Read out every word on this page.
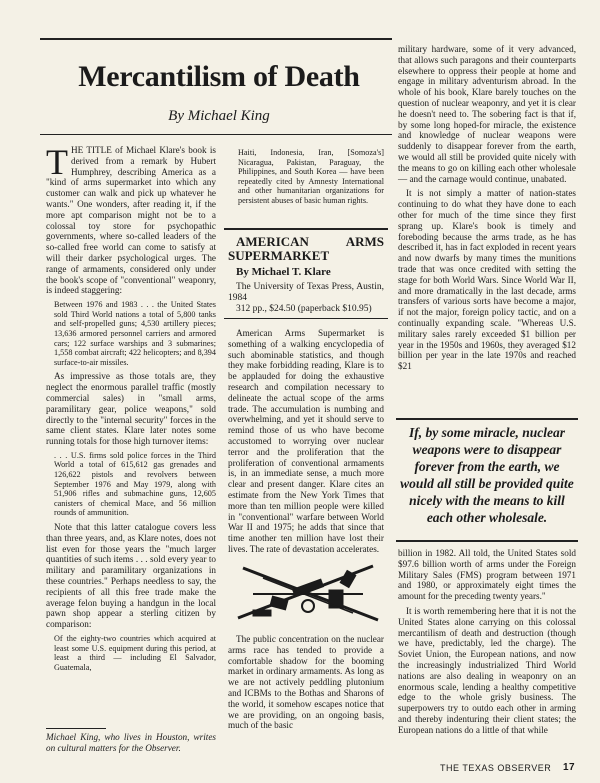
Mercantilism of Death
By Michael King

THE TITLE of Michael Klare's book is derived from a remark by Hubert Humphrey, describing America as a "kind of arms supermarket into which any customer can walk and pick up whatever he wants." One wonders, after reading it, if the more apt comparison might not be to a colossal toy store for psychopathic governments, where so-called leaders of the so-called free world can come to satisfy at will their darker psychological urges. The range of armaments, considered only under the book's scope of "conventional" weaponry, is indeed staggering:

Between 1976 and 1983 . . . the United States sold Third World nations a total of 5,800 tanks and self-propelled guns; 4,530 artillery pieces; 13,636 armored personnel carriers and armored cars; 122 surface warships and 3 submarines; 1,558 combat aircraft; 422 helicopters; and 8,394 surface-to-air missiles.

As impressive as those totals are, they neglect the enormous parallel traffic (mostly commercial sales) in "small arms, paramilitary gear, police weapons," sold directly to the "internal security" forces in the same client states. Klare later notes some running totals for those high turnover items:

. . . U.S. firms sold police forces in the Third World a total of 615,612 gas grenades and 126,622 pistols and revolvers between September 1976 and May 1979, along with 51,906 rifles and submachine guns, 12,605 canisters of chemical Mace, and 56 million rounds of ammunition.

Note that this latter catalogue covers less than three years, and, as Klare notes, does not list even for those years the "much larger quantities of such items . . . sold every year to military and paramilitary organizations in these countries." Perhaps needless to say, the recipients of all this free trade make the average felon buying a handgun in the local pawn shop appear a sterling citizen by comparison:

Of the eighty-two countries which acquired at least some U.S. equipment during this period, at least a third — including El Salvador, Guatemala,

Michael King, who lives in Houston, writes on cultural matters for the Observer.

Haiti, Indonesia, Iran, [Somoza's] Nicaragua, Pakistan, Paraguay, the Philippines, and South Korea — have been repeatedly cited by Amnesty International and other humanitarian organizations for persistent abuses of basic human rights.

AMERICAN ARMS SUPERMARKET

By Michael T. Klare

The University of Texas Press, Austin, 1984

312 pp., $24.50 (paperback $10.95)

American Arms Supermarket is something of a walking encyclopedia of such abominable statistics, and though they make forbidding reading, Klare is to be applauded for doing the exhaustive research and compilation necessary to delineate the actual scope of the arms trade. The accumulation is numbing and overwhelming, and yet it should serve to remind those of us who have become accustomed to worrying over nuclear terror and the proliferation that the proliferation of conventional armaments is, in an immediate sense, a much more clear and present danger. Klare cites an estimate from the New York Times that more than ten million people were killed in "conventional" warfare between World War II and 1975; he adds that since that time another ten million have lost their lives. The rate of devastation accelerates.

The public concentration on the nuclear arms race has tended to provide a comfortable shadow for the booming market in ordinary armaments. As long as we are not actively peddling plutonium and ICBMs to the Bothas and Sharons of the world, it somehow escapes notice that we are providing, on an ongoing basis, much of the basic

military hardware, some of it very advanced, that allows such paragons and their counterparts elsewhere to oppress their people at home and engage in military adventurism abroad. In the whole of his book, Klare barely touches on the question of nuclear weaponry, and yet it is clear he doesn't need to. The sobering fact is that if, by some long hoped-for miracle, the existence and knowledge of nuclear weapons were suddenly to disappear forever from the earth, we would all still be provided quite nicely with the means to go on killing each other wholesale — and the carnage would continue, unabated.

It is not simply a matter of nation-states continuing to do what they have done to each other for much of the time since they first sprang up. Klare's book is timely and foreboding because the arms trade, as he has described it, has in fact exploded in recent years and now dwarfs by many times the munitions trade that was once credited with setting the stage for both World Wars. Since World War II, and more dramatically in the last decade, arms transfers of various sorts have become a major, if not the major, foreign policy tactic, and on a continually expanding scale. "Whereas U.S. military sales rarely exceeded $1 billion per year in the 1950s and 1960s, they averaged $12 billion per year in the late 1970s and reached $21

If, by some miracle, nuclear weapons were to disappear forever from the earth, we would all still be provided quite nicely with the means to kill each other wholesale.

billion in 1982. All told, the United States sold $97.6 billion worth of arms under the Foreign Military Sales (FMS) program between 1971 and 1980, or approximately eight times the amount for the preceding twenty years."

It is worth remembering here that it is not the United States alone carrying on this colossal mercantilism of death and destruction (though we have, predictably, led the charge). The Soviet Union, the European nations, and now the increasingly industrialized Third World nations are also dealing in weaponry on an enormous scale, lending a healthy competitive edge to the whole grisly business. The superpowers try to outdo each other in arming and thereby indenturing their client states; the European nations do a little of that while

THE TEXAS OBSERVER 17
